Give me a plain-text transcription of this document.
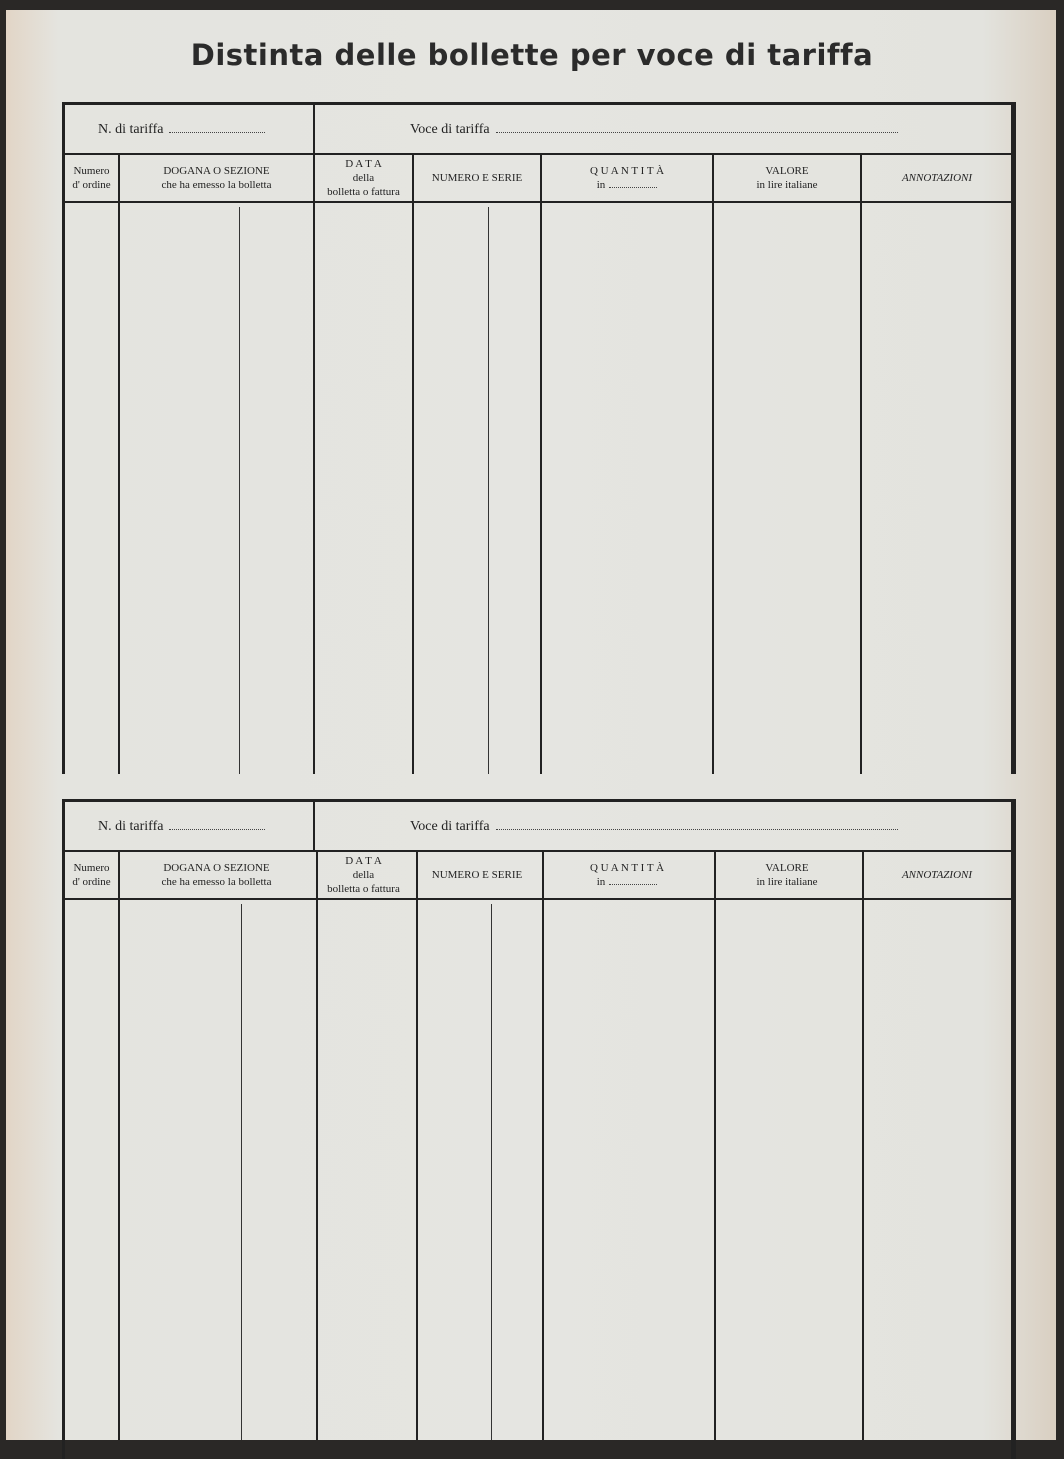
Distinta delle bollette per voce di tariffa
N. di tariffa	Voce di tariffa
Numero
d' ordine
DOGANA O SEZIONE
che ha emesso la bolletta
D A T A
della
bolletta o fattura
NUMERO E SERIE
Q U A N T I T À
in
VALORE
in lire italiane
ANNOTAZIONI
N. di tariffa	Voce di tariffa
Numero
d' ordine
DOGANA O SEZIONE
che ha emesso la bolletta
D A T A
della
bolletta o fattura
NUMERO E SERIE
Q U A N T I T À
in
VALORE
in lire italiane
ANNOTAZIONI
